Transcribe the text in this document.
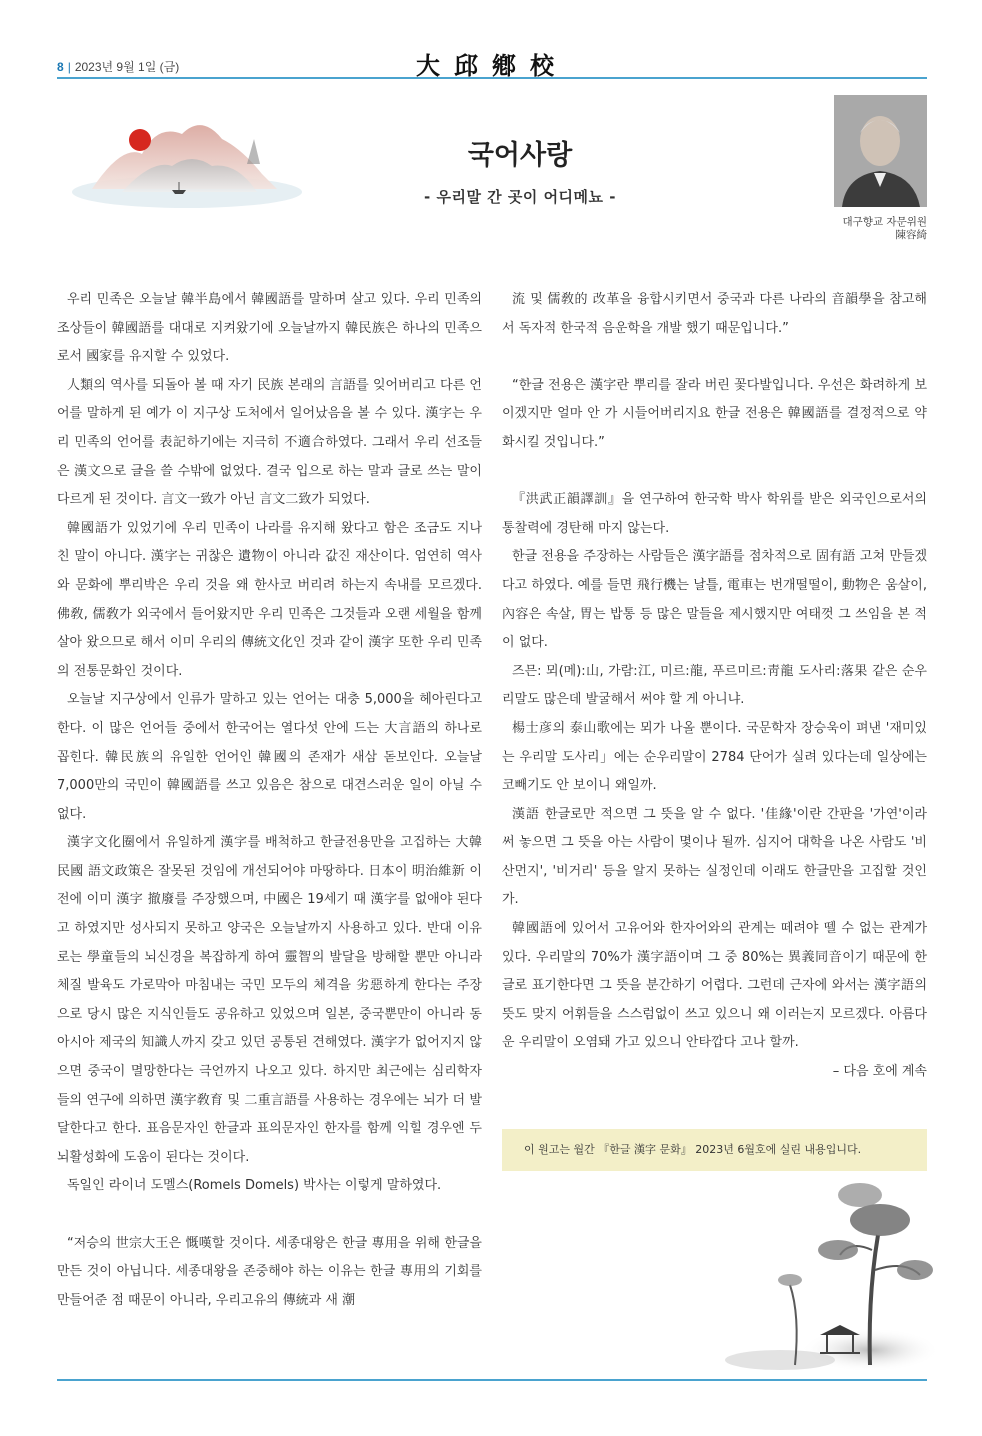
8 | 2023년 9월 1일 (금)	大邱鄕校
국어사랑
- 우리말 간 곳이 어디메뇨 -
대구향교 자문위원
陳容綺

우리 민족은 오늘날 韓半島에서 韓國語를 말하며 살고 있다. 우리 민족의 조상들이 韓國語를 대대로 지켜왔기에 오늘날까지 韓民族은 하나의 민족으로서 國家를 유지할 수 있었다.

人類의 역사를 되돌아 볼 때 자기 民族 본래의 言語를 잊어버리고 다른 언어를 말하게 된 예가 이 지구상 도처에서 일어났음을 볼 수 있다. 漢字는 우리 민족의 언어를 表記하기에는 지극히 不適合하였다. 그래서 우리 선조들은 漢文으로 글을 쓸 수밖에 없었다. 결국 입으로 하는 말과 글로 쓰는 말이 다르게 된 것이다. 言文一致가 아닌 言文二致가 되었다.

韓國語가 있었기에 우리 민족이 나라를 유지해 왔다고 함은 조금도 지나친 말이 아니다. 漢字는 귀찮은 遺物이 아니라 값진 재산이다. 엄연히 역사와 문화에 뿌리박은 우리 것을 왜 한사코 버리려 하는지 속내를 모르겠다. 佛敎, 儒敎가 외국에서 들어왔지만 우리 민족은 그것들과 오랜 세월을 함께 살아 왔으므로 해서 이미 우리의 傳統文化인 것과 같이 漢字 또한 우리 민족의 전통문화인 것이다.

오늘날 지구상에서 인류가 말하고 있는 언어는 대충 5,000을 헤아린다고 한다. 이 많은 언어들 중에서 한국어는 열다섯 안에 드는 大言語의 하나로 꼽힌다. 韓民族의 유일한 언어인 韓國의 존재가 새삼 돋보인다. 오늘날 7,000만의 국민이 韓國語를 쓰고 있음은 참으로 대견스러운 일이 아닐 수 없다.

漢字文化圈에서 유일하게 漢字를 배척하고 한글전용만을 고집하는 大韓民國 語文政策은 잘못된 것임에 개선되어야 마땅하다. 日本이 明治維新 이전에 이미 漢字 撤廢를 주장했으며, 中國은 19세기 때 漢字를 없애야 된다고 하였지만 성사되지 못하고 양국은 오늘날까지 사용하고 있다. 반대 이유로는 學童들의 뇌신경을 복잡하게 하여 靈智의 발달을 방해할 뿐만 아니라 체질 발육도 가로막아 마침내는 국민 모두의 체격을 劣惡하게 한다는 주장으로 당시 많은 지식인들도 공유하고 있었으며 일본, 중국뿐만이 아니라 동아시아 제국의 知識人까지 갖고 있던 공통된 견해였다. 漢字가 없어지지 않으면 중국이 멸망한다는 극언까지 나오고 있다. 하지만 최근에는 심리학자들의 연구에 의하면 漢字敎育 및 二重言語를 사용하는 경우에는 뇌가 더 발달한다고 한다. 표음문자인 한글과 표의문자인 한자를 함께 익힐 경우엔 두뇌활성화에 도움이 된다는 것이다.

독일인 라이너 도멜스(Romels Domels) 박사는 이렇게 말하였다.

“저승의 世宗大王은 慨嘆할 것이다. 세종대왕은 한글 專用을 위해 한글을 만든 것이 아닙니다. 세종대왕을 존중해야 하는 이유는 한글 專用의 기회를 만들어준 점 때문이 아니라, 우리고유의 傳統과 새 潮

流 및 儒敎的 改革을 융합시키면서 중국과 다른 나라의 音韻學을 참고해서 독자적 한국적 음운학을 개발 했기 때문입니다.”

“한글 전용은 漢字란 뿌리를 잘라 버린 꽃다발입니다. 우선은 화려하게 보이겠지만 얼마 안 가 시들어버리지요 한글 전용은 韓國語를 결정적으로 약화시킬 것입니다.”

『洪武正韻譯訓』을 연구하여 한국학 박사 학위를 받은 외국인으로서의 통찰력에 경탄해 마지 않는다.

한글 전용을 주장하는 사람들은 漢字語를 점차적으로 固有語 고쳐 만들겠다고 하였다. 예를 들면 飛行機는 날틀, 電車는 번개떨떨이, 動物은 움살이, 內容은 속살, 胃는 밥통 등 많은 말들을 제시했지만 여태껏 그 쓰임을 본 적이 없다.

즈믄: 뫼(메):山, 가람:江, 미르:龍, 푸르미르:靑龍 도사리:落果 같은 순우리말도 많은데 발굴해서 써야 할 게 아니냐.

楊士彦의 泰山歌에는 뫼가 나올 뿐이다. 국문학자 장승욱이 펴낸 '재미있는 우리말 도사리」에는 순우리말이 2784 단어가 실려 있다는데 일상에는 코빼기도 안 보이니 왜일까.

漢語 한글로만 적으면 그 뜻을 알 수 없다. '佳緣'이란 간판을 '가연'이라 써 놓으면 그 뜻을 아는 사람이 몇이나 될까. 심지어 대학을 나온 사람도 '비산먼지', '비거리' 등을 알지 못하는 실정인데 이래도 한글만을 고집할 것인가.

韓國語에 있어서 고유어와 한자어와의 관계는 떼려야 뗄 수 없는 관계가 있다. 우리말의 70%가 漢字語이며 그 중 80%는 異義同音이기 때문에 한글로 표기한다면 그 뜻을 분간하기 어렵다. 그런데 근자에 와서는 漢字語의 뜻도 맞지 어휘들을 스스럼없이 쓰고 있으니 왜 이러는지 모르겠다. 아름다운 우리말이 오염돼 가고 있으니 안타깝다 고나 할까.

– 다음 호에 계속

이 원고는 월간 『한글 漢字 문화』 2023년 6월호에 실린 내용입니다.
